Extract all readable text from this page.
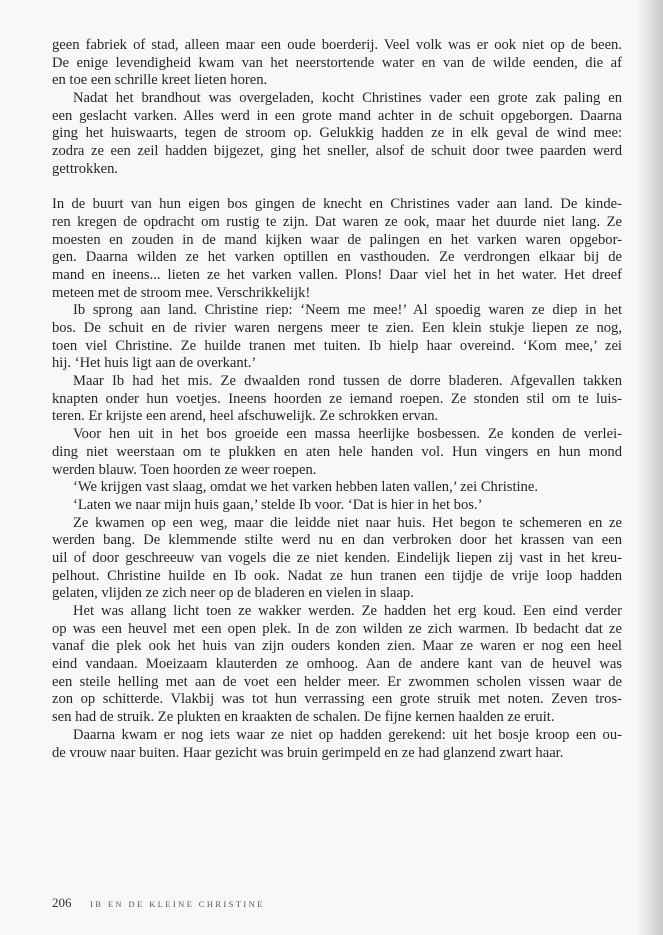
geen fabriek of stad, alleen maar een oude boerderij. Veel volk was er ook niet op de been.
De enige levendigheid kwam van het neerstortende water en van de wilde eenden, die af
en toe een schrille kreet lieten horen.
Nadat het brandhout was overgeladen, kocht Christines vader een grote zak paling en
een geslacht varken. Alles werd in een grote mand achter in de schuit opgeborgen. Daarna
ging het huiswaarts, tegen de stroom op. Gelukkig hadden ze in elk geval de wind mee:
zodra ze een zeil hadden bijgezet, ging het sneller, alsof de schuit door twee paarden werd
gettrokken.
In de buurt van hun eigen bos gingen de knecht en Christines vader aan land. De kinde-
ren kregen de opdracht om rustig te zijn. Dat waren ze ook, maar het duurde niet lang. Ze
moesten en zouden in de mand kijken waar de palingen en het varken waren opgebor-
gen. Daarna wilden ze het varken optillen en vasthouden. Ze verdrongen elkaar bij de
mand en ineens... lieten ze het varken vallen. Plons! Daar viel het in het water. Het dreef
meteen met de stroom mee. Verschrikkelijk!
Ib sprong aan land. Christine riep: ‘Neem me mee!’ Al spoedig waren ze diep in het
bos. De schuit en de rivier waren nergens meer te zien. Een klein stukje liepen ze nog,
toen viel Christine. Ze huilde tranen met tuiten. Ib hielp haar overeind. ‘Kom mee,’ zei
hij. ‘Het huis ligt aan de overkant.’
Maar Ib had het mis. Ze dwaalden rond tussen de dorre bladeren. Afgevallen takken
knapten onder hun voetjes. Ineens hoorden ze iemand roepen. Ze stonden stil om te luis-
teren. Er krijste een arend, heel afschuwelijk. Ze schrokken ervan.
Voor hen uit in het bos groeide een massa heerlijke bosbessen. Ze konden de verlei-
ding niet weerstaan om te plukken en aten hele handen vol. Hun vingers en hun mond
werden blauw. Toen hoorden ze weer roepen.
‘We krijgen vast slaag, omdat we het varken hebben laten vallen,’ zei Christine.
‘Laten we naar mijn huis gaan,’ stelde Ib voor. ‘Dat is hier in het bos.’
Ze kwamen op een weg, maar die leidde niet naar huis. Het begon te schemeren en ze
werden bang. De klemmende stilte werd nu en dan verbroken door het krassen van een
uil of door geschreeuw van vogels die ze niet kenden. Eindelijk liepen zij vast in het kreu-
pelhout. Christine huilde en Ib ook. Nadat ze hun tranen een tijdje de vrije loop hadden
gelaten, vlijden ze zich neer op de bladeren en vielen in slaap.
Het was allang licht toen ze wakker werden. Ze hadden het erg koud. Een eind verder
op was een heuvel met een open plek. In de zon wilden ze zich warmen. Ib bedacht dat ze
vanaf die plek ook het huis van zijn ouders konden zien. Maar ze waren er nog een heel
eind vandaan. Moeizaam klauterden ze omhoog. Aan de andere kant van de heuvel was
een steile helling met aan de voet een helder meer. Er zwommen scholen vissen waar de
zon op schitterde. Vlakbij was tot hun verrassing een grote struik met noten. Zeven tros-
sen had de struik. Ze plukten en kraakten de schalen. De fijne kernen haalden ze eruit.
Daarna kwam er nog iets waar ze niet op hadden gerekend: uit het bosje kroop een ou-
de vrouw naar buiten. Haar gezicht was bruin gerimpeld en ze had glanzend zwart haar.
206 IB EN DE KLEINE CHRISTINE
